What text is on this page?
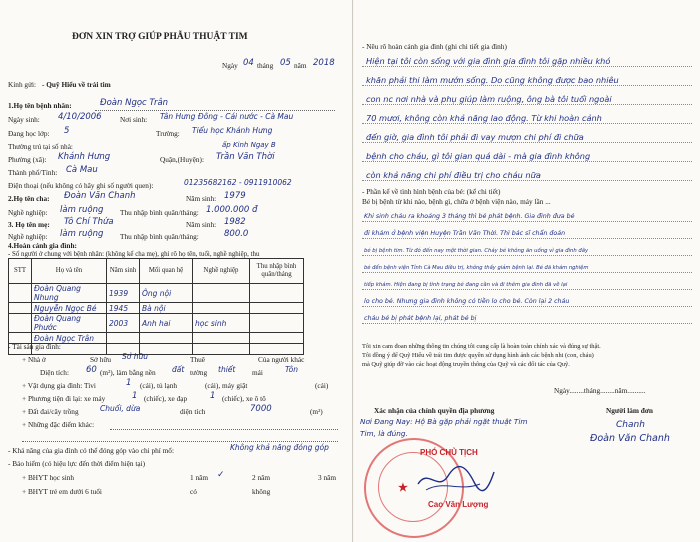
ĐƠN XIN TRỢ GIÚP PHẪU THUẬT TIM
Ngày 04 tháng 05 năm 2018
Kính gửi: - Quỹ Hiểu về trái tim
1.Họ tên bệnh nhân:	Đoàn Ngọc Trân
Ngày sinh: 4/10/2006	Nơi sinh: Tân Hưng Đông - Cái nước - Cà Mau
Đang học lớp: 5	Trường: Tiểu học Khánh Hưng
Thường trú tại số nhà:	ấp Kinh Ngay B
Phường (xã): Khánh Hưng	Quận,(Huyện): Trần Văn Thời
Thành phố/Tỉnh: Cà Mau
Điện thoại (nếu không có hãy ghi số người quen):	01235682162 - 0911910062
2.Họ tên cha: Đoàn Văn Chanh	Năm sinh: 1979
Nghề nghiệp: làm ruộng Thu nhập bình quân/tháng: 1.000.000 đ
3. Họ tên mẹ: Tô Chí Thứa	Năm sinh: 1982
Nghề nghiệp: làm ruộng Thu nhập bình quân/tháng:	800.0
4.Hoàn cảnh gia đình:
- Số người ở chung với bệnh nhân: (không kể cha mẹ), ghi rõ họ tên, tuổi, nghề nghiệp, thu
STT	Họ và tên	Năm sinh	Mối quan hệ	Nghề nghiệp	Thu nhập bình quân/tháng
	Đoàn Quang Nhung	1939	Ông nội		
	Nguyễn Ngọc Bé	1945	Bà nội		
	Đoàn Quang Phước	2003	Anh hai	học sinh	
	Đoàn Ngọc Trân				

- Tài sản gia đình:
+ Nhà ở	Sở hữu Sở hữu	Thuê	Của người khác
Diện tích: 60 (m²), làm bằng nền đất tường thiết mái	Tôn
+ Vật dụng gia đình: Tivi	1 (cái), tủ lạnh	(cái), máy giặt	(cái)
+ Phương tiện đi lại: xe máy	1 (chiếc), xe đạp	1 (chiếc), xe ô tô
+ Đất đai/cây trồng	Chuối, dừa	diện tích	7000	(m²)
+ Những đặc điểm khác:
- Khả năng của gia đình có thể đóng góp vào chi phí mổ:	Không khả năng đóng góp
- Bảo hiểm (có hiệu lực đến thời điểm hiện tại)
+ BHYT học sinh	1 năm	2 năm	3 năm
✓
+ BHYT trẻ em dưới 6 tuổi	có	không
- Nêu rõ hoàn cảnh gia đình (ghi chi tiết gia đình)
Hiện tại tôi còn sống với gia đình gia đình tôi gặp nhiều khó
khăn phải thi làm mướn sống. Do cũng không được bao nhiêu
con nc nơi nhà và phụ giúp làm ruộng, ông bà tôi tuổi ngoài
70 mươi, không còn khả năng lao động. Từ khi hoàn cảnh
đến giờ, gia đình tôi phải đi vay mượn chi phí đi chữa
bệnh cho cháu, gì tôi gian quá dài - mà gia đình không
còn khả năng chi phí điều trị cho cháu nữa
- Phần kể về tình hình bệnh của bé: (kể chi tiết)
Bé bị bệnh từ khi nào, bệnh gì, chữa ở bệnh viện nào, máy lần ...
Khi sinh cháu ra khoảng 3 tháng thì bé phát bệnh. Gia đình đưa bé
đi khám ở bệnh viện Huyện Trần Văn Thời. Thì bác sĩ chẩn đoán
bé bị bệnh tim. Từ đó đến nay một thời gian. Cháy bé không ăn uống vì gia đình đây
bé đến bệnh viện Tỉnh Cà Mau điều trị, không thấy giảm bệnh lại. Bé đã khám nghiệm
tiếp khám. Hiện đang bị tình trạng bé đang cần và đi thêm gia đình đã về lại
lo cho bé. Nhưng gia đình không có tiền lo cho bé. Còn lại 2 cháu
cháu bé bị phát bệnh lại, phát bé bị
Tôi xin cam đoan những thông tin chúng tôi cung cấp là hoàn toàn chính xác và đúng sự thật.
Tôi đồng ý để Quỹ Hiểu về trái tim được quyền sử dụng hình ảnh các bệnh nhi (con, cháu)
mà Quỹ giúp đỡ vào các hoạt động truyền thông của Quỹ và các đối tác của Quỹ.
Ngày........tháng........năm..........
Xác nhận của chính quyền địa phương	Người làm đơn
Chanh
Đoàn Văn Chanh
Nơi Đang Nay: Hộ Bà gặp phải ngặt thuật Tim
Tim, là đúng.
★
PHÓ CHỦ TỊCH
Cao Văn Lượng
